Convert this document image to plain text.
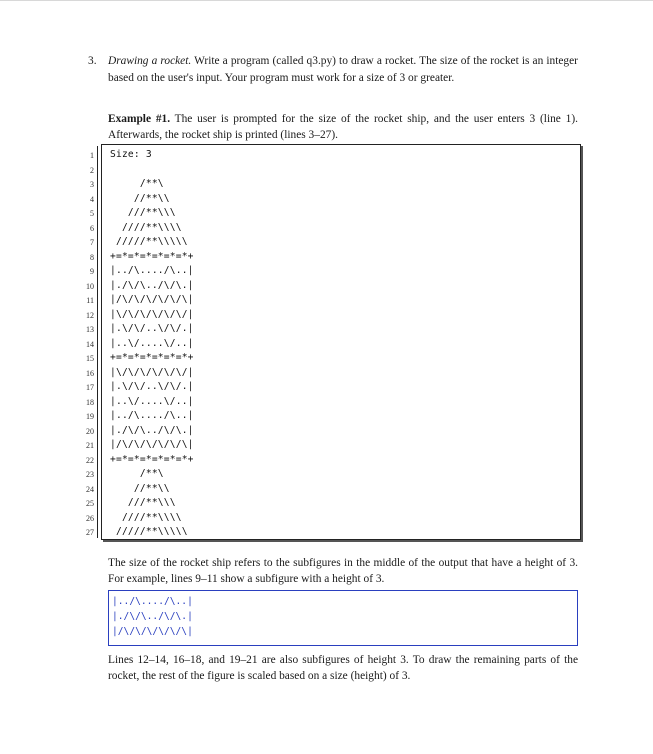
3. Drawing a rocket. Write a program (called q3.py) to draw a rocket. The size of the rocket is an integer based on the user's input. Your program must work for a size of 3 or greater.
Example #1. The user is prompted for the size of the rocket ship, and the user enters 3 (line 1). Afterwards, the rocket ship is printed (lines 3–27).
1
2
3
4
5
6
7
8
9
10
11
12
13
14
15
16
17
18
19
20
21
22
23
24
25
26
27
Size: 3
/**\
//**\\
///**\\\
////**\\\\
/////**\\\\\
+=*=*=*=*=*=*+
|../\..../\..|
|./\/\../\/\.|
|/\/\/\/\/\/\|
|\/\/\/\/\/\/|
|.\/\/..\/\/.|
|..\/....\/..|
+=*=*=*=*=*=*+
|\/\/\/\/\/\/|
|.\/\/..\/\/.|
|..\/....\/..|
|../\..../\..|
|./\/\../\/\.|
|/\/\/\/\/\/\|
+=*=*=*=*=*=*+
/**\
//**\\
///**\\\
////**\\\\
/////**\\\\\
The size of the rocket ship refers to the subfigures in the middle of the output that have a height of 3. For example, lines 9–11 show a subfigure with a height of 3.
|../\..../\..|
|./\/\../\/\.|
|/\/\/\/\/\/\|
Lines 12–14, 16–18, and 19–21 are also subfigures of height 3. To draw the remaining parts of the rocket, the rest of the figure is scaled based on a size (height) of 3.
